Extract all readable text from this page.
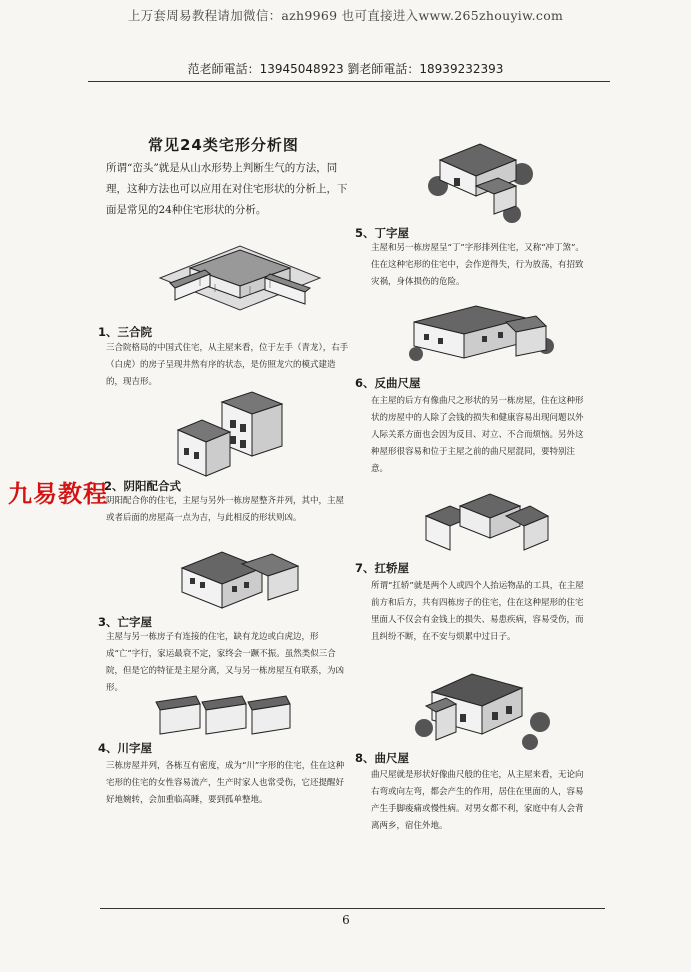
上万套周易教程请加微信：azh9969 也可直接进入www.265zhouyiw.com
范老師電話：13945048923 劉老師電話：18939232393
九易教程
常见24类宅形分析图
所谓“峦头”就是从山水形势上判断生气的方法，同理，这种方法也可以应用在对住宅形状的分析上，下面是常见的24种住宅形状的分析。
1、三合院
三合院格局的中国式住宅，从主屋来看，位于左手（青龙），右手（白虎）的房子呈现井然有序的状态，是仿照龙穴的模式建造的，现吉形。
2、阴阳配合式
阴阳配合你的住宅，主屋与另外一栋房屋整齐并列，其中，主屋或者后面的房屋高一点为吉，与此相反的形状则凶。
3、亡字屋
主屋与另一栋房子有连接的住宅，缺有龙边或白虎边，形成“亡”字行，家运最衰不定，家终会一蹶不振。虽然类似三合院，但是它的特征是主屋分离，又与另一栋房屋互有联系，为凶形。
4、川字屋
三栋房屋并列，各栋互有密度，成为“川”字形的住宅，住在这种宅形的住宅的女性容易流产，生产时家人也常受伤，它还提醒好好地婉转，会加重临高睡，要到孤单整地。
5、丁字屋
主屋和另一栋房屋呈“丁”字形排列住宅，又称“冲丁煞”。住在这种宅形的住宅中，会作逆得失，行为放荡，有招致灾祸，身体损伤的危险。
6、反曲尺屋
在主屋的后方有像曲尺之形状的另一栋房屋，住在这种形状的房屋中的人除了会钱的损失和健康容易出现问题以外人际关系方面也会因为反目、对立、不合而烦恼。另外这种屋形很容易和位于主屋之前的曲尺屋混同，要特别注意。
7、扛轿屋
所谓“扛轿”就是两个人或四个人抬运物品的工具，在主屋前方和后方，共有四栋房子的住宅，住在这种屋形的住宅里面人不仅会有金钱上的损失、易患疾病，容易受伤，而且纠纷不断，在不安与烦累中过日子。
8、曲尺屋
曲尺屋就是形状好像曲尺般的住宅，从主屋来看，无论向右弯或向左弯，都会产生的作用，居住在里面的人，容易产生手脚痠痛或慢性病。对男女都不利，家庭中有人会背离两乡，宿住外地。
6
